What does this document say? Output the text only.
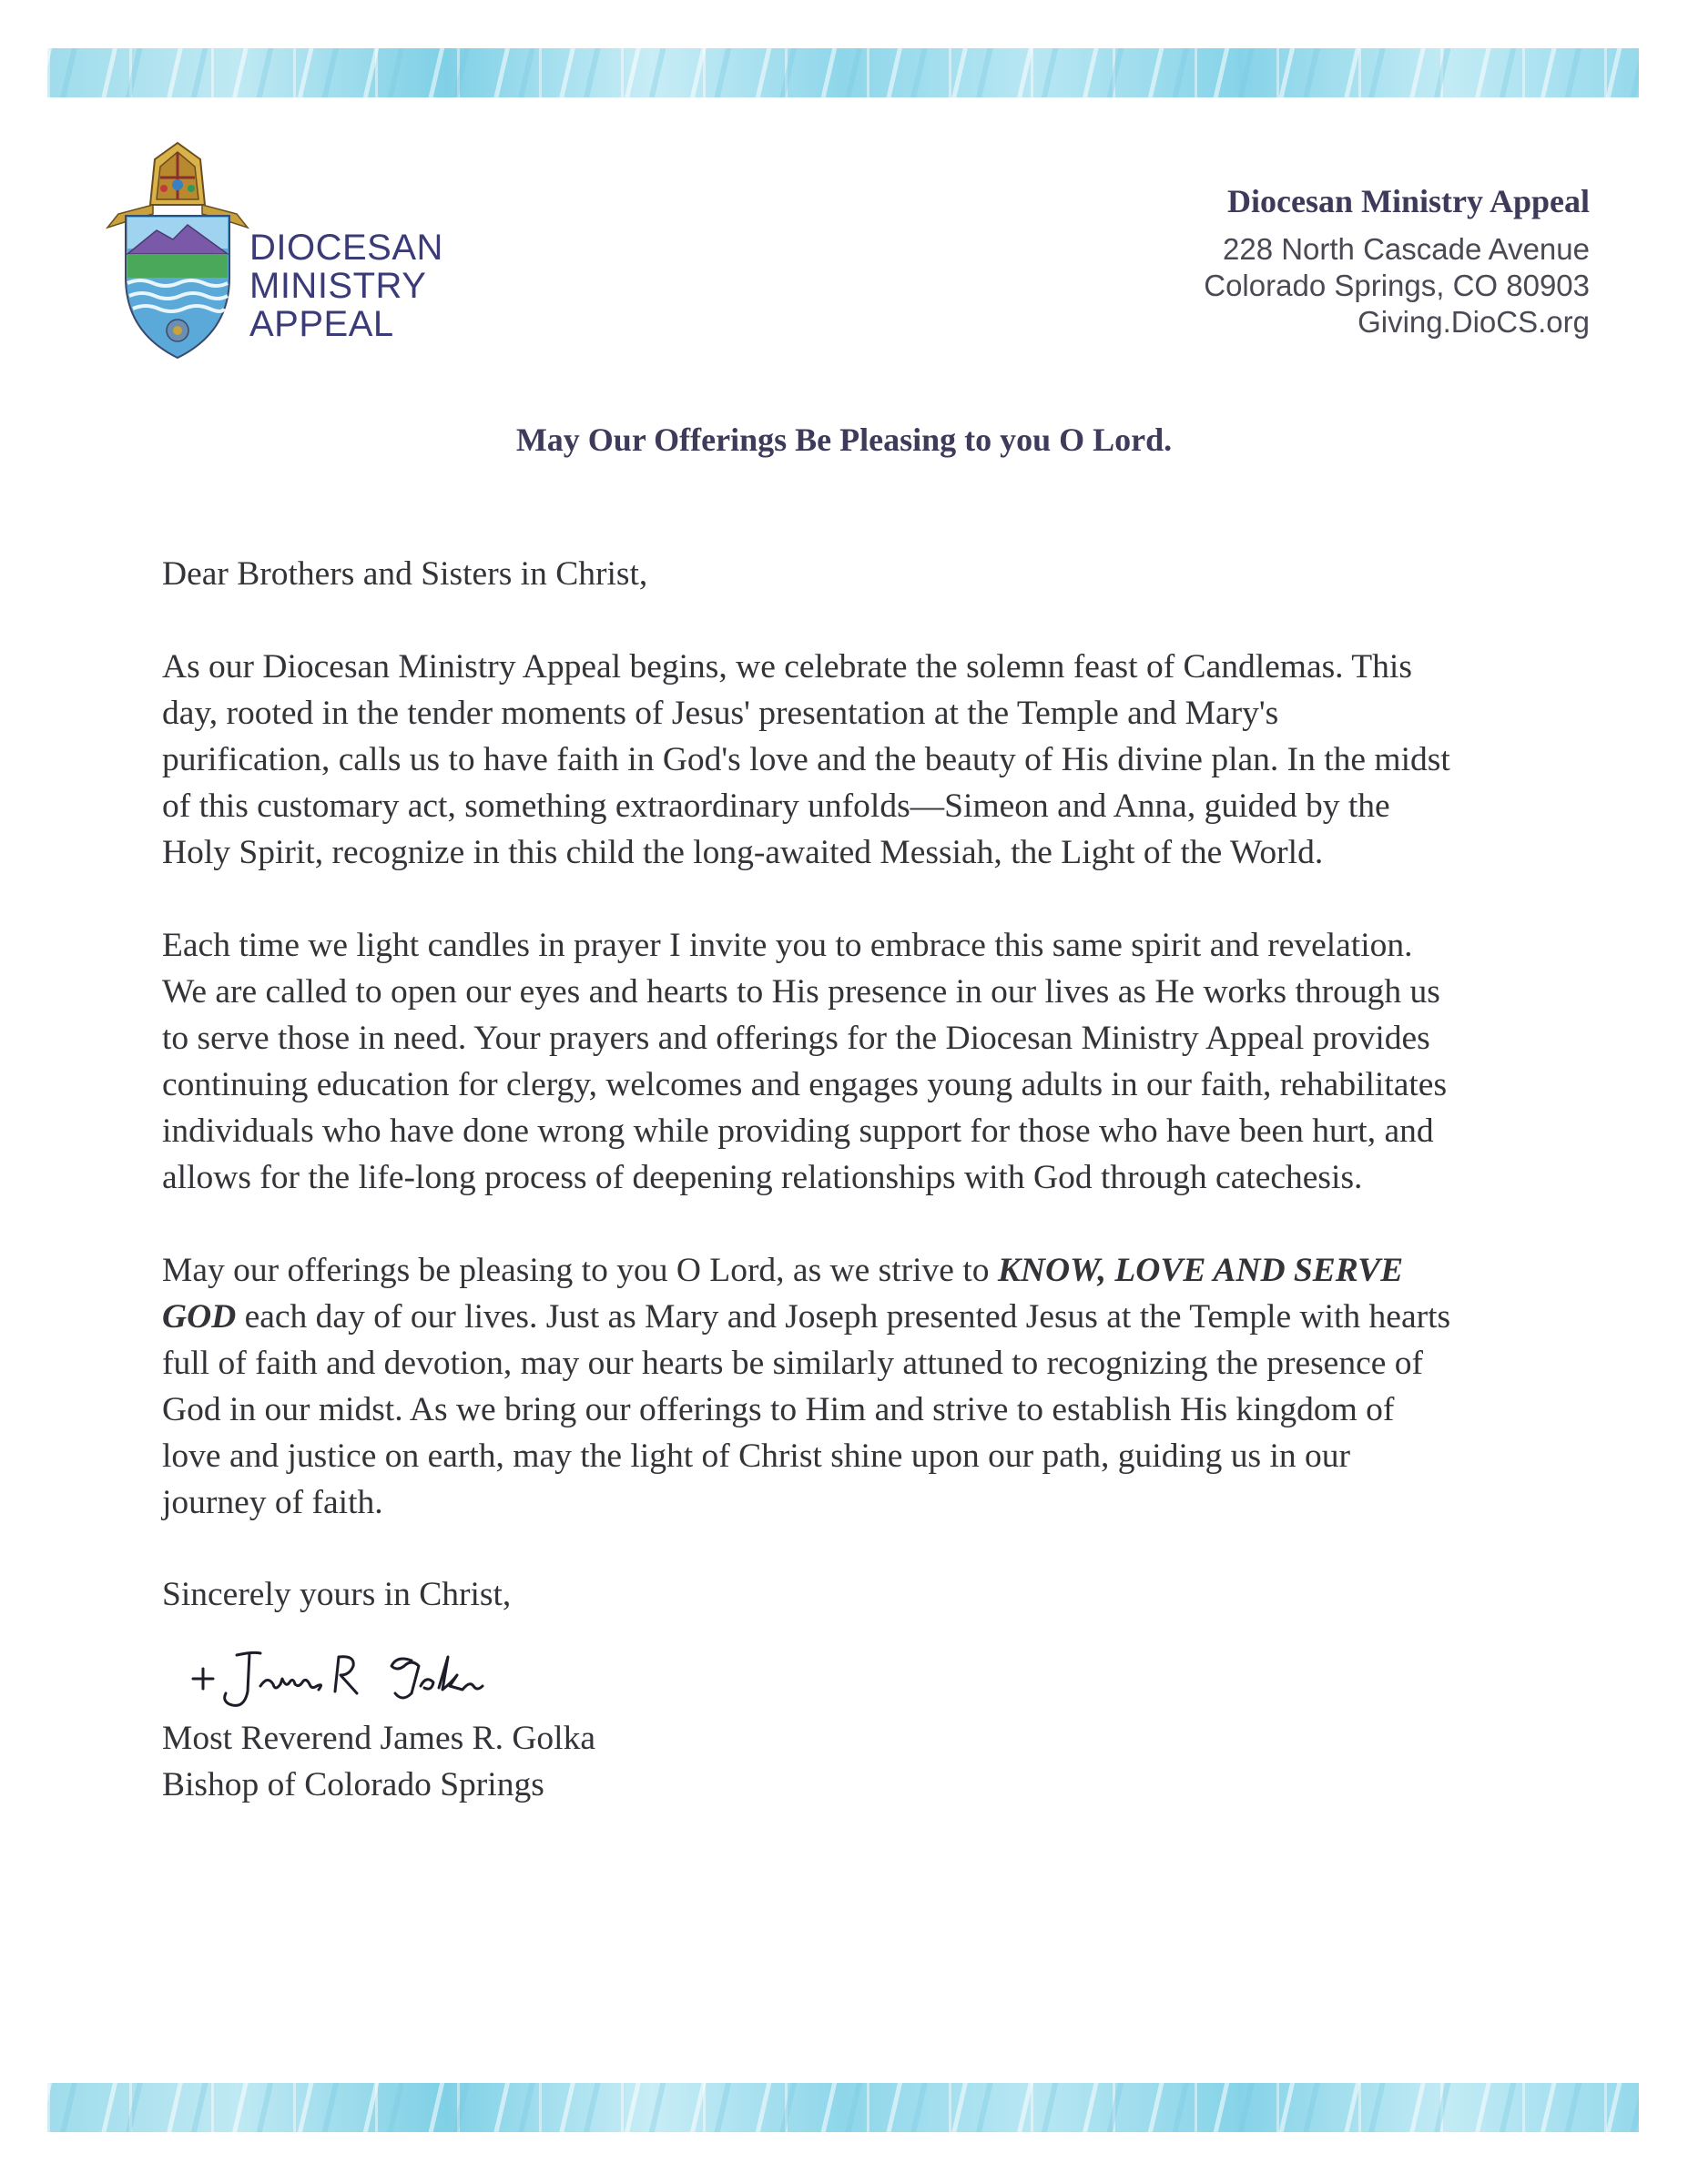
DIOCESAN
MINISTRY
APPEAL
Diocesan Ministry Appeal
228 North Cascade Avenue
Colorado Springs, CO 80903
Giving.DioCS.org
May Our Offerings Be Pleasing to you O Lord.

Dear Brothers and Sisters in Christ,

As our Diocesan Ministry Appeal begins, we celebrate the solemn feast of Candlemas. This
day, rooted in the tender moments of Jesus' presentation at the Temple and Mary's
purification, calls us to have faith in God's love and the beauty of His divine plan. In the midst
of this customary act, something extraordinary unfolds—Simeon and Anna, guided by the
Holy Spirit, recognize in this child the long-awaited Messiah, the Light of the World.

Each time we light candles in prayer I invite you to embrace this same spirit and revelation.
We are called to open our eyes and hearts to His presence in our lives as He works through us
to serve those in need. Your prayers and offerings for the Diocesan Ministry Appeal provides
continuing education for clergy, welcomes and engages young adults in our faith, rehabilitates
individuals who have done wrong while providing support for those who have been hurt, and
allows for the life-long process of deepening relationships with God through catechesis.

May our offerings be pleasing to you O Lord, as we strive to KNOW, LOVE AND SERVE
GOD each day of our lives. Just as Mary and Joseph presented Jesus at the Temple with hearts
full of faith and devotion, may our hearts be similarly attuned to recognizing the presence of
God in our midst. As we bring our offerings to Him and strive to establish His kingdom of
love and justice on earth, may the light of Christ shine upon our path, guiding us in our
journey of faith.

Sincerely yours in Christ,
Most Reverend James R. Golka
Bishop of Colorado Springs
